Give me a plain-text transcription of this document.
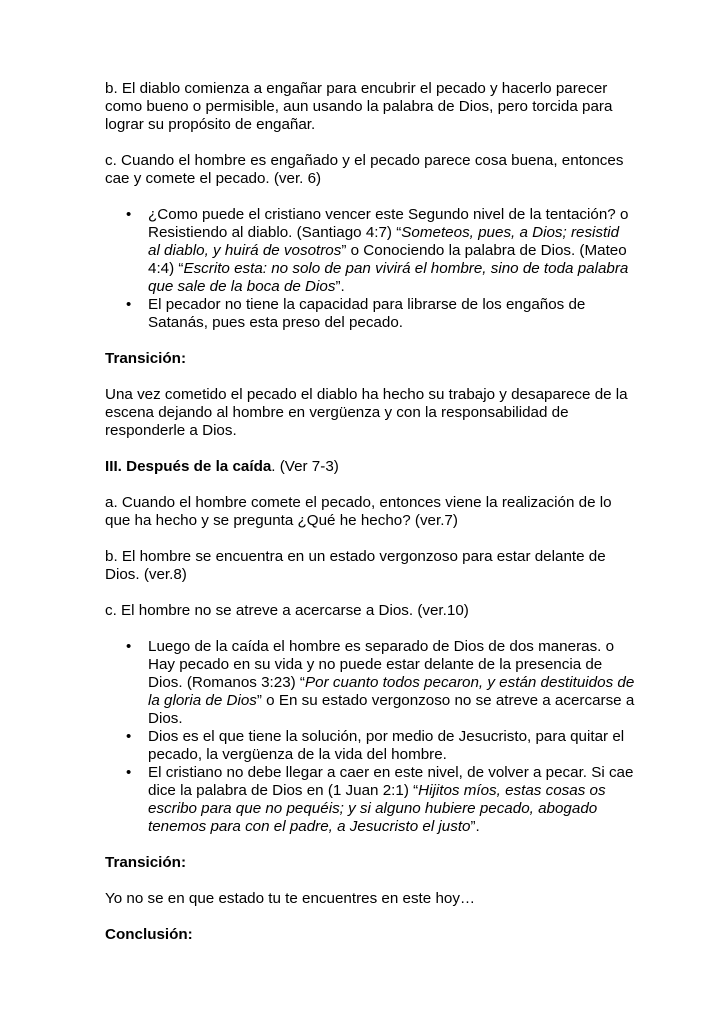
b. El diablo comienza a engañar para encubrir el pecado y hacerlo parecer como bueno o permisible, aun usando la palabra de Dios, pero torcida para lograr su propósito de engañar.

c. Cuando el hombre es engañado y el pecado parece cosa buena, entonces cae y comete el pecado. (ver. 6)

• ¿Como puede el cristiano vencer este Segundo nivel de la tentación? o Resistiendo al diablo. (Santiago 4:7) “Someteos, pues, a Dios; resistid al diablo, y huirá de vosotros” o Conociendo la palabra de Dios. (Mateo 4:4) “Escrito esta: no solo de pan vivirá el hombre, sino de toda palabra que sale de la boca de Dios”.
• El pecador no tiene la capacidad para librarse de los engaños de Satanás, pues esta preso del pecado.

Transición:

Una vez cometido el pecado el diablo ha hecho su trabajo y desaparece de la escena dejando al hombre en vergüenza y con la responsabilidad de responderle a Dios.

III. Después de la caída. (Ver 7-3)

a. Cuando el hombre comete el pecado, entonces viene la realización de lo que ha hecho y se pregunta ¿Qué he hecho? (ver.7)

b. El hombre se encuentra en un estado vergonzoso para estar delante de Dios. (ver.8)

c. El hombre no se atreve a acercarse a Dios. (ver.10)

• Luego de la caída el hombre es separado de Dios de dos maneras. o Hay pecado en su vida y no puede estar delante de la presencia de Dios. (Romanos 3:23) “Por cuanto todos pecaron, y están destituidos de la gloria de Dios” o En su estado vergonzoso no se atreve a acercarse a Dios.
• Dios es el que tiene la solución, por medio de Jesucristo, para quitar el pecado, la vergüenza de la vida del hombre.
• El cristiano no debe llegar a caer en este nivel, de volver a pecar. Si cae dice la palabra de Dios en (1 Juan 2:1) “Hijitos míos, estas cosas os escribo para que no pequéis; y si alguno hubiere pecado, abogado tenemos para con el padre, a Jesucristo el justo”.

Transición:

Yo no se en que estado tu te encuentres en este hoy…

Conclusión:
